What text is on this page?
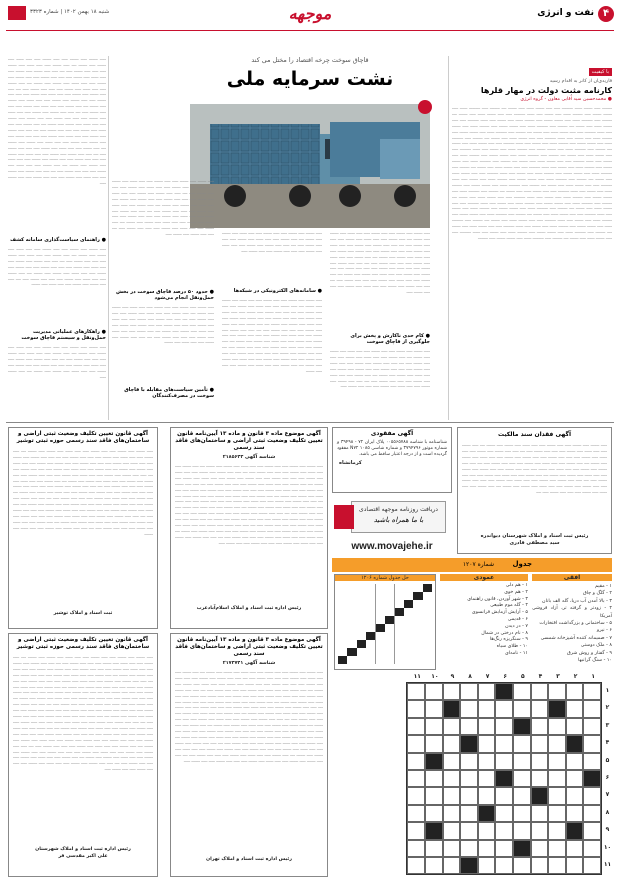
۴
نفت و انرژی
موجهه
شنبه ۱۸ بهمن ۱۴۰۲ | شماره ۳۳۲۳
با کیفیت
فاریدی‌ان از کانر به اقدام رسید
کارنامه مثبت دولت در مهار قلرها
● محمدحسین سید آقایی معاون - گروه انرژی
ــــــــ ـــــ ـــــــ ــــــ ـــــــــ ـــــ ـــــ ـــــــ ــــــ ـــــ ـــــــ ــــ ــــــــ ـــــ ـــــــــ ــــــ ـــــ ـــــــ ـــــــ ـــــ ــــــــ ــــــ ـــــ ـــــــ ـــــ ــــــ ـــــــــ ـــــ ـــــ ـــــــ ــــــ ـــــ ـــــــ ــــ ــــــــ ـــــ ـــــــــ ــــــ ـــــ ـــــــ ـــــــ ـــــ ــــــــ ــــــ ـــــ ـــــــ ـــــ ــــــ ـــــــــ ـــــ ـــــ ـــــــ ــــــ ـــــ ـــــــ ــــ ــــــــ ـــــ ـــــــــ ــــــ ـــــ ـــــــ ـــــــ ـــــ ــــــــ ــــــ ـــــ ـــــــ ـــــ ــــــ ـــــــــ ـــــ ـــــ ـــــــ ــــــ ـــــ ـــــــ ــــ ــــــــ ـــــ ـــــــــ ــــــ ـــــ ـــــــ ـــــــ ـــــ ــــــــ ــــــ ـــــ ـــــــ ـــــ ــــــ ـــــــــ ـــــ ـــــ ـــــــ ــــــ ـــــ ـــــــ ــــ ــــــــ ـــــ ـــــــــ ــــــ ـــــ ـــــــ ـــــــ ـــــ ــــــــ ــــــ ـــــ ـــــــ ـــــ ــــــ ـــــــــ ـــــ ـــــ ـــــــ ــــــ ـــــ ـــــــ ــــ ــــــــ ـــــ ـــــــــ ــــــ ـــــ ـــــــ ـــــــ ـــــ ــــــــ ــــــ ـــــ ـــــــ ـــــ ــــــ ـــــــــ ـــــ ـــــ ـــــــ ــــــ ـــــ ـــــــ ــــ ــــــــ ـــــ ـــــــــ ــــــ ـــــ ـــــــ ـــــــ ـــــ ــــــــ ــــــ ـــــ ـــــــ ـــــ ــــــ ـــــــــ ـــــ ـــــ ـــــــ ــــــ ـــــ ـــــــ ــــ ــــــــ ـــــ ـــــــــ ــــــ ـــــ ـــــــ ـــــــ ـــــ ــــــــ ــــــ ـــــ ـــــــ ـــــ ــــــ ـــــــــ ـــــ ـــــ ـــــــ ــــــ ـــــ ـــــــ ــــ ــــــــ ـــــ ـــــــــ ــــــ ـــــ ـــــــ ـــــــ ـــــ ــــــــ ــــــ ـــــ ـــــــ ـــــ ــــــ ـــــــــ ـــــ ـــــ ـــــــ ــــــ ـــــ ـــــــ ــــ ــــــــ ـــــ ـــــــــ ــــــ ـــــ ـــــــ ـــــــ ـــــ ــــــــ ــــــ ـــــ ـــــــ ـــــ ــــــ ـــــــــ ـــــ ـــــ ـــــــ ــــــ ـــــ ـــــــ ــــ ــــــــ ـــــ ـــــــــ ــــــ ـــــ ـــــــ ـــــــ ـــــ ــــــــ ــــــ ـــــ ـــــــ ـــــ ــــــ ـــــــــ ـــــ ـــــ ـــــــ ــــــ ـــــ ـــــــ ــــ ــــــــ ـــــ ـــــــــ ــــــ ـــــ ـــــــ ـــــــ ـــــ ــــــــ ــــــ ـــــ ـــــــ ـــــ ــــــ ـــــــــ ـــــ ـــــ ـــــــ ــــــ ـــــ ـــــــ ــــ ــــــــ ـــــ ـــــــــ ــــــ ـــــ ـــــــ ـــــــ ـــــ ــــــــ ــــــ ـــــ ـــــــ ـــــ ــــــ ـــــــــ ـــــ ـــــ ـــــــ ــــــ ـــــ ـــــــ ــــ ــــــــ ـــــ ـــــــــ ــــــ ـــــ ـــــــ ـــــــ ـــــ ــــــــ ــــــ ـــــ ـــــــ ـــــ ــــــ ـــــــــ ـــــ ـــــ ـــــــ ــــــ ـــــ ـــــــ ــــ ــــــــ ـــــ ـــــــــ ــــــ ـــــ ـــــــ ـــــــ ـــــ ــــــــ ــــــ ـــــ ـــــــ ـــــ ــــــ ـــــــــ ـــــ ـــــ ـــــــ ــــــ ـــــ ـــــــ ــــ ــــــــ ـــــ ـــــــــ ــــــ ـــــ ـــــــ ـــــــ ـــــ ــــــــ ــــــ ـــــ ـــــــ ـــــ ــــــ ـــــــــ ـــــ ـــــ ـــــــ ــــــ ـــــ ـــــــ ــــ ــــــــ ـــــ ـــــــــ ــــــ ـــــ ـــــــ ـــــــ ـــــ ــــــــ ــــــ ـــــ ـــــــ ـــــ ــــــ ـــــــــ ـــــ ـــــ ـــــــ ــــــ ـــــ ـــــــ ــــ ــــــــ ـــــ ـــــــــ ــــــ ـــــ ـــــــ ـــــــ ـــــ ــــــــ
قاچاق سوخت چرخه اقتصاد را مختل می کند
نشت سرمایه ملی
ـــــ ـــــــ ـــــ ـــــــ ـــــ ـــــ ـــــــ ـــــ ـــــ ــــــ ـــــ ـــــــ ـــــ ـــــــ ــــ ـــــ ـــــــ ـــــ ـــــ ــــــ ـــــ ـــــــ ـــــ ـــــ ـــــ ـــــــ ـــــ ــــ ـــــ ـــــ ـــــــ ـــــ ـــــــ ـــــ ـــــ ــــــ ـــــ ـــــــ ـــــ ـــــ ـــــ ـــــــ ـــــ ـــــ ـــــــ ـــــ ـــــــ ـــــ ـــــ ــــــ ـــــ ـــــــ ـــــ ـــــــ ــــ ـــــ ـــــــ ـــــ ـــــ ــــــ ـــــ ـــــــ ـــــ ـــــ ـــــ ـــــــ ـــــ ــــ ـــــ ـــــ ـــــــ ـــــ ـــــــ ـــــ ـــــ ــــــ ـــــ ـــــــ ـــــ ـــــ ـــــ ـــــــ ـــــ ـــــ ـــــــ ـــــ ـــــــ ـــــ ـــــ ــــــ ـــــ ـــــــ ـــــ ـــــــ ــــ ـــــ ـــــــ ـــــ ـــــ ــــــ ـــــ ـــــــ ـــــ ـــــ ـــــ ـــــــ ـــــ ــــ ـــــ ـــــ ـــــــ ـــــ ـــــــ ـــــ ـــــ ــــــ ـــــ ـــــــ ـــــ ـــــ ـــــ ـــــــ ـــــ
● کام حدی ناکارش و پخش برای جلوگیری از قاچاق سوخت
ـــــ ـــــــ ـــــ ـــــــ ـــــ ـــــ ـــــــ ـــــ ـــــ ــــــ ـــــ ـــــــ ـــــ ـــــــ ــــ ـــــ ـــــــ ـــــ ـــــ ــــــ ـــــ ـــــــ ـــــ ـــــ ـــــ ـــــــ ـــــ ــــ ـــــ ـــــ ـــــــ ـــــ ـــــــ ـــــ ـــــ ــــــ ـــــ ـــــــ ـــــ ـــــ ـــــ ـــــــ ـــــ ـــــ ـــــــ ـــــ ـــــــ ـــــ ـــــ ــــــ ـــــ ـــــــ ـــــ ـــــــ ــــ ـــــ ـــــــ ـــــ ـــــ ــــــ ـــــ ـــــــ ـــــ ـــــ ـــــ ـــــــ ـــــ ــــ ـــــ ـــــ ـــــــ ـــــ ـــــــ ـــــ ـــــ ــــــ ـــــ ـــــــ ـــــ ـــــ ـــــ ـــــــ ـــــ
ـــــ ـــــــ ـــــ ـــــــ ـــــ ـــــ ـــــــ ـــــ ـــــ ــــــ ـــــ ـــــــ ـــــ ـــــــ ــــ ـــــ ـــــــ ـــــ ـــــ ــــــ ـــــ ـــــــ ـــــ ـــــ ـــــ ـــــــ ـــــ ــــ ـــــ ـــــ ـــــــ ـــــ ـــــــ ـــــ ـــــ ــــــ ـــــ ـــــــ ـــــ ـــــ ـــــ ـــــــ ـــــ ـــــ ـــــــ ـــــ
● سامانه‌های الکترونیکی در شبکه‌ها
ـــــ ـــــــ ـــــ ـــــــ ـــــ ـــــ ـــــــ ـــــ ـــــ ــــــ ـــــ ـــــــ ـــــ ـــــــ ــــ ـــــ ـــــــ ـــــ ـــــ ــــــ ـــــ ـــــــ ـــــ ـــــ ـــــ ـــــــ ـــــ ــــ ـــــ ـــــ ـــــــ ـــــ ـــــــ ـــــ ـــــ ــــــ ـــــ ـــــــ ـــــ ـــــ ـــــ ـــــــ ـــــ ـــــ ـــــــ ـــــ ـــــــ ـــــ ـــــ ــــــ ـــــ ـــــــ ـــــ ـــــــ ــــ ـــــ ـــــــ ـــــ ـــــ ــــــ ـــــ ـــــــ ـــــ ـــــ ـــــ ـــــــ ـــــ ــــ ـــــ ـــــ ـــــــ ـــــ ـــــــ ـــــ ـــــ ــــــ ـــــ ـــــــ ـــــ ـــــ ـــــ ـــــــ ـــــ ـــــ ـــــــ ـــــ ـــــــ ـــــ ـــــ ــــــ ـــــ ـــــــ ـــــ ـــــــ ــــ ـــــ ـــــــ ـــــ ـــــ ــــــ ـــــ ـــــــ ـــــ ـــــ ـــــ ـــــــ ـــــ ــــ ـــــ ـــــ ـــــــ ـــــ ـــــــ ـــــ ـــــ ــــــ ـــــ ـــــــ ـــــ ـــــ ـــــ ـــــــ ـــــ ـــــ ـــــــ ـــــ ـــــــ ـــــ ـــــ ــــــ ـــــ ـــــــ ـــــ ـــــــ ــــ ـــــ ـــــــ ـــــ ـــــ ــــــ ـــــ ـــــــ ـــــ ـــــ ـــــ ـــــــ
ـــــ ـــــــ ـــــ ـــــــ ـــــ ـــــ ـــــــ ـــــ ـــــ ــــــ ـــــ ـــــــ ـــــ ـــــــ ــــ ـــــ ـــــــ ـــــ ـــــ ــــــ ـــــ ـــــــ ـــــ ـــــ ـــــ ـــــــ ـــــ ــــ ـــــ ـــــ ـــــــ ـــــ ـــــــ ـــــ ـــــ ــــــ ـــــ ـــــــ ـــــ ـــــ ـــــ ـــــــ ـــــ ـــــ ـــــــ ـــــ ـــــــ ـــــ ـــــ ــــــ ـــــ ـــــــ ـــــ ـــــــ ــــ ـــــ ـــــــ ـــــ ـــــ ــــــ ـــــ ـــــــ ـــــ ـــــ ـــــ ـــــــ ـــــ ــــ ـــــ ـــــ ـــــــ ـــــ ـــــــ ـــــ ـــــ ــــــ ـــــ ـــــــ ـــــ ـــــ ـــــ ـــــــ ـــــ ـــــ ـــــــ ـــــ ـــــــ ـــــ ـــــ ــــــ ـــــ ـــــــ ـــــ ـــــــ ــــ ـــــ ـــــــ ـــــ ـــــ ــــــ ـــــ ـــــــ ـــــ ـــــ ـــــ ـــــــ ـــــ ــــ ـــــ ـــــ ـــــــ ـــــ ـــــــ ـــــ
● حدود ۵۰ درصد قاچاق سوخت در بخش حمل‌ونقل انجام می‌شود
ـــــ ـــــــ ـــــ ـــــــ ـــــ ـــــ ـــــــ ـــــ ـــــ ــــــ ـــــ ـــــــ ـــــ ـــــــ ــــ ـــــ ـــــــ ـــــ ـــــ ــــــ ـــــ ـــــــ ـــــ ـــــ ـــــ ـــــــ ـــــ ــــ ـــــ ـــــ ـــــــ ـــــ ـــــــ ـــــ ـــــ ــــــ ـــــ ـــــــ ـــــ ـــــ ـــــ ـــــــ ـــــ ـــــ ـــــــ ـــــ ـــــــ ـــــ ـــــ ــــــ ـــــ ـــــــ ـــــ ـــــــ ــــ ـــــ ـــــــ ـــــ ـــــ ــــــ ـــــ ـــــــ ـــــ ـــــ ـــــ ـــــــ ـــــ ــــ ـــــ ـــــ ـــــــ ـــــ ـــــــ ـــــ ـــــ ــــــ ـــــ ـــــــ
● تأمین سیاست‌های مقابله با قاچاق سوخت در مصرف‌کنندگان
ـــــ ـــــــ ـــــ ـــــــ ـــــ ـــــ ـــــــ ـــــ ـــــ ــــــ ـــــ ـــــــ ـــــ ـــــــ ــــ ـــــ ـــــــ ـــــ ـــــ ــــــ ـــــ ـــــــ ـــــ ـــــ ـــــ ـــــــ ـــــ ــــ ـــــ ـــــ ـــــــ ـــــ ـــــــ ـــــ ـــــ ــــــ ـــــ ـــــــ ـــــ ـــــ ـــــ ـــــــ ـــــ ـــــ ـــــــ ـــــ ـــــــ ـــــ ـــــ ــــــ ـــــ ـــــــ ـــــ ـــــــ ــــ ـــــ ـــــــ ـــــ ـــــ ــــــ ـــــ ـــــــ ـــــ ـــــ ـــــ ـــــــ ـــــ ــــ ـــــ ـــــ ـــــــ ـــــ ـــــــ ـــــ ـــــ ــــــ ـــــ ـــــــ ـــــ ـــــ ـــــ ـــــــ ـــــ ـــــ ـــــــ ـــــ ـــــــ ـــــ ـــــ ــــــ ـــــ ـــــــ ـــــ ـــــــ ــــ ـــــ ـــــــ ـــــ ـــــ ــــــ ـــــ ـــــــ ـــــ ـــــ ـــــ ـــــــ ـــــ ــــ ـــــ ـــــ ـــــــ ـــــ ـــــــ ـــــ ـــــ ــــــ ـــــ ـــــــ ـــــ ـــــ ـــــ ـــــــ ـــــ ـــــ ـــــــ ـــــ ـــــــ ـــــ ـــــ ــــــ ـــــ ـــــــ ـــــ ـــــــ ــــ ـــــ ـــــــ ـــــ ـــــ ــــــ ـــــ ـــــــ ـــــ ـــــ ـــــ ـــــــ ـــــ ــــ ـــــ ـــــ ـــــــ ـــــ ـــــــ ـــــ ـــــ ــــــ ـــــ ـــــــ ـــــ ـــــ ـــــ ـــــــ ـــــ ـــــ ـــــــ ـــــ ـــــــ ـــــ ـــــ ــــــ ـــــ ـــــــ ـــــ ـــــــ ــــ ـــــ ـــــــ ـــــ ـــــ ــــــ ـــــ ـــــــ ـــــ ـــــ ـــــ ـــــــ ـــــ ــــ ـــــ ـــــ ـــــــ ـــــ ـــــــ ـــــ ـــــ ــــــ ـــــ ـــــــ ـــــ ـــــ ـــــ ـــــــ ـــــ ـــــ ـــــــ ـــــ ـــــــ ـــــ ـــــ ــــــ ـــــ ـــــــ ـــــ ـــــــ ــــ ـــــ ـــــــ ـــــ ـــــ ــــــ ـــــ ـــــــ ـــــ ـــــ ـــــ ـــــــ ـــــ ــــ ـــــ ـــــ ـــــــ ـــــ ـــــــ ـــــ ـــــ ــــــ ـــــ ـــــــ ـــــ ـــــ ـــــ ـــــــ ـــــ ـــــ ـــــــ ـــــ
● راهنمای سیاست‌گذاری سامانه کشف
ـــــ ـــــــ ـــــ ـــــــ ـــــ ـــــ ـــــــ ـــــ ـــــ ــــــ ـــــ ـــــــ ـــــ ـــــــ ــــ ـــــ ـــــــ ـــــ ـــــ ــــــ ـــــ ـــــــ ـــــ ـــــ ـــــ ـــــــ ـــــ ــــ ـــــ ـــــ ـــــــ ـــــ ـــــــ ـــــ ـــــ ــــــ ـــــ ـــــــ ـــــ ـــــ ـــــ ـــــــ ـــــ ـــــ ـــــــ ـــــ ـــــــ ـــــ ـــــ ــــــ ـــــ ـــــــ ـــــ ـــــــ ــــ ـــــ ـــــــ ـــــ ـــــ ــــــ ـــــ ـــــــ ـــــ ـــــ ـــــ ـــــــ ـــــ ــــ ـــــ ـــــ ـــــــ ـــــ ـــــــ ـــــ ـــــ ــــــ ـــــ ـــــــ
● راهکارهای عملیاتی مدیریت حمل‌ونقل و سیستم قاچاق سوخت
ـــــ ـــــــ ـــــ ـــــــ ـــــ ـــــ ـــــــ ـــــ ـــــ ــــــ ـــــ ـــــــ ـــــ ـــــــ ــــ ـــــ ـــــــ ـــــ ـــــ ــــــ ـــــ ـــــــ ـــــ ـــــ ـــــ ـــــــ ـــــ ــــ ـــــ ـــــ ـــــــ ـــــ ـــــــ ـــــ ـــــ ــــــ ـــــ ـــــــ ـــــ ـــــ ـــــ ـــــــ ـــــ ـــــ ـــــــ ـــــ ـــــــ ـــــ ـــــ ــــــ ـــــ ـــــــ ـــــ ـــــــ ــــ ـــــ ـــــــ ـــــ
آگهی فقدان سند مالکیت
ـــــ ـــــــ ـــــ ـــــــ ـــــ ـــــ ـــــــ ـــــ ـــــ ــــــ ـــــ ـــــــ ـــــ ـــــــ ــــ ـــــ ـــــــ ـــــ ـــــ ــــــ ـــــ ـــــــ ـــــ ـــــ ـــــ ـــــــ ـــــ ــــ ـــــ ـــــ ـــــــ ـــــ ـــــــ ـــــ ـــــ ــــــ ـــــ ـــــــ ـــــ ـــــ ـــــ ـــــــ ـــــ ـــــ ـــــــ ـــــ ـــــــ ـــــ ـــــ ــــــ ـــــ ـــــــ ـــــ ـــــــ ــــ ـــــ ـــــــ ـــــ ـــــ ــــــ ـــــ ـــــــ ـــــ ـــــ ـــــ ـــــــ ـــــ ــــ ـــــ ـــــ ـــــــ ـــــ ـــــــ ـــــ ـــــ ــــــ ـــــ ـــــــ ـــــ ـــــ ـــــ ـــــــ ـــــ ـــــ ـــــــ ـــــ ـــــــ ـــــ ـــــ ــــــ ـــــ ـــــــ ـــــ ـــــــ ــــ ـــــ ـــــــ ـــــ ـــــ ــــــ ـــــ ـــــــ ـــــ ـــــ ـــــ ـــــــ ـــــ ــــ ـــــ ـــــ ـــــــ ـــــ ـــــــ ـــــ ـــــ ــــــ ـــــ ـــــــ ـــــ ـــــ ـــــ ـــــــ ـــــ ـــــ ـــــــ ـــــ ـــــــ ـــــ ـــــ ــــــ ـــــ ـــــــ ـــــ ـــــــ ــــ ـــــ ـــــــ ـــــ ـــــ ــــــ ـــــ ـــــــ ـــــ ـــــ ـــــ ـــــــ ـــــ ــــ
رئیس ثبت اسناد و املاک شهرستان دیواندره
سید مصطفی قادری
آگهی مفقودی
شناسنامه با شناسه ۰۰۵۵۶۵۷۸۸ پلاک ایران ۷۲ - ۳۹۴۹۸ و شماره موتور ۳۷۹۴۷۹۶ و شماره شاسی ۱۰۸۵ N۷۲ مفقود گردیده است و از درجه اعتبار ساقط می باشد.
کرمانشاه
دریافت روزنامه موجهه اقتصادی
با ما همراه باشید
www.movajehe.ir
آگهی موضوع ماده ۳ قانون و ماده ۱۳ آیین‌نامه قانون تعیین تکلیف وضعیت ثبتی اراضی و ساختمان‌های فاقد سند رسمی
شناسه آگهی ۲۱۸۵۶۴۳
ـــــ ـــــــ ـــــ ـــــــ ـــــ ـــــ ـــــــ ـــــ ـــــ ــــــ ـــــ ـــــــ ـــــ ـــــــ ــــ ـــــ ـــــــ ـــــ ـــــ ــــــ ـــــ ـــــــ ـــــ ـــــ ـــــ ـــــــ ـــــ ــــ ـــــ ـــــ ـــــــ ـــــ ـــــــ ـــــ ـــــ ــــــ ـــــ ـــــــ ـــــ ـــــ ـــــ ـــــــ ـــــ ـــــ ـــــــ ـــــ ـــــــ ـــــ ـــــ ــــــ ـــــ ـــــــ ـــــ ـــــــ ــــ ـــــ ـــــــ ـــــ ـــــ ــــــ ـــــ ـــــــ ـــــ ـــــ ـــــ ـــــــ ـــــ ــــ ـــــ ـــــ ـــــــ ـــــ ـــــــ ـــــ ـــــ ــــــ ـــــ ـــــــ ـــــ ـــــ ـــــ ـــــــ ـــــ ـــــ ـــــــ ـــــ ـــــــ ـــــ ـــــ ــــــ ـــــ ـــــــ ـــــ ـــــــ ــــ ـــــ ـــــــ ـــــ ـــــ ــــــ ـــــ ـــــــ ـــــ ـــــ ـــــ ـــــــ ـــــ ــــ ـــــ ـــــ ـــــــ ـــــ ـــــــ ـــــ ـــــ ــــــ ـــــ ـــــــ ـــــ ـــــ ـــــ ـــــــ ـــــ ـــــ ـــــــ ـــــ ـــــــ ـــــ ـــــ ــــــ ـــــ ـــــــ ـــــ ـــــــ ــــ ـــــ ـــــــ ـــــ ـــــ ــــــ ـــــ ـــــــ ـــــ ـــــ ـــــ ـــــــ ـــــ ــــ ـــــ ـــــ ـــــــ ـــــ ـــــــ ـــــ ـــــ ــــــ ـــــ ـــــــ ـــــ ـــــ ـــــ ـــــــ ـــــ ـــــ ـــــــ ـــــ ـــــــ ـــــ ـــــ ــــــ ـــــ ـــــــ ـــــ ـــــــ ــــ ـــــ ـــــــ ـــــ ـــــ ــــــ ـــــ ـــــــ ـــــ ـــــ ـــــ ـــــــ ـــــ ــــ ـــــ ـــــ ـــــــ ـــــ ـــــــ ـــــ ـــــ ــــــ ـــــ ـــــــ ـــــ ـــــ ـــــ ـــــــ ـــــ ـــــ ـــــــ ـــــ ـــــــ ـــــ ـــــ ــــــ ـــــ ـــــــ ـــــ ـــــــ ــــ ـــــ ـــــــ ـــــ ـــــ ــــــ ـــــ ـــــــ ـــــ ـــــ ـــــ ـــــــ ـــــ ــــ ـــــ ـــــ ـــــــ ـــــ ـــــــ ـــــ ـــــ ــــــ ـــــ ـــــــ ـــــ ـــــ ـــــ ـــــــ ـــــ ـــــ ـــــــ ـــــ
رئیس اداره ثبت اسناد و املاک اسلام‌آبادغرب
آگهی قانون تعیین تکلیف وضعیت ثبتی اراضی و ساختمان‌های فاقد سند رسمی حوزه ثبتی توشیر
ـــــ ـــــــ ـــــ ـــــــ ـــــ ـــــ ـــــــ ـــــ ـــــ ــــــ ـــــ ـــــــ ـــــ ـــــــ ــــ ـــــ ـــــــ ـــــ ـــــ ــــــ ـــــ ـــــــ ـــــ ـــــ ـــــ ـــــــ ـــــ ــــ ـــــ ـــــ ـــــــ ـــــ ـــــــ ـــــ ـــــ ــــــ ـــــ ـــــــ ـــــ ـــــ ـــــ ـــــــ ـــــ ـــــ ـــــــ ـــــ ـــــــ ـــــ ـــــ ــــــ ـــــ ـــــــ ـــــ ـــــــ ــــ ـــــ ـــــــ ـــــ ـــــ ــــــ ـــــ ـــــــ ـــــ ـــــ ـــــ ـــــــ ـــــ ــــ ـــــ ـــــ ـــــــ ـــــ ـــــــ ـــــ ـــــ ــــــ ـــــ ـــــــ ـــــ ـــــ ـــــ ـــــــ ـــــ ـــــ ـــــــ ـــــ ـــــــ ـــــ ـــــ ــــــ ـــــ ـــــــ ـــــ ـــــــ ــــ ـــــ ـــــــ ـــــ ـــــ ــــــ ـــــ ـــــــ ـــــ ـــــ ـــــ ـــــــ ـــــ ــــ ـــــ ـــــ ـــــــ ـــــ ـــــــ ـــــ ـــــ ــــــ ـــــ ـــــــ ـــــ ـــــ ـــــ ـــــــ ـــــ ـــــ ـــــــ ـــــ ـــــــ ـــــ ـــــ ــــــ ـــــ ـــــــ ـــــ ـــــــ ــــ ـــــ ـــــــ ـــــ ـــــ ــــــ ـــــ ـــــــ ـــــ ـــــ ـــــ ـــــــ ـــــ ــــ ـــــ ـــــ ـــــــ ـــــ ـــــــ ـــــ ـــــ ــــــ ـــــ ـــــــ ـــــ ـــــ ـــــ ـــــــ ـــــ ـــــ ـــــــ ـــــ ـــــــ ـــــ ـــــ ــــــ ـــــ ـــــــ ـــــ ـــــــ ــــ ـــــ ـــــــ ـــــ ـــــ ــــــ ـــــ ـــــــ ـــــ ـــــ ـــــ ـــــــ ـــــ ــــ ـــــ ـــــ ـــــــ ـــــ ـــــــ ـــــ ـــــ ــــــ ـــــ ـــــــ ـــــ ـــــ ـــــ ـــــــ ـــــ ـــــ ـــــــ ـــــ ـــــــ ـــــ ـــــ ــــــ ـــــ ـــــــ ـــــ ـــــــ ــــ ـــــ ـــــــ ـــــ ـــــ ــــــ ـــــ ـــــــ ـــــ ـــــ ـــــ ـــــــ ـــــ ــــ ـــــ ـــــ ـــــــ ـــــ ـــــــ ـــــ ـــــ ــــــ ـــــ ـــــــ
ثبت اسناد و املاک توشیر
جدول
شماره ۱۲۰۷
افقی
۱ - مقیم
۲ - گلگ و چاق
۳ - بالا آمدن آب دریا، گله الف بانان
۴ - زودتر و گرفته تر، آزاد فروشی آمریکا
۵ - ساختمانی و بزرگداشت افتخارات
۶ - نیرو
۷ - صمیمانه کننده آشپزخانه شمسی
۸ - ملک دوستی
۹ - گفتار و روش شرق
۱۰ - سنگ گرانبها
عمودی
۱ - هم دلی
۲ - هم خوی
۳ - شهر آوردن، قانون راهنمای
۴ - گله موم طبیعی
۵ - آرایش آزمایش فرانسوی
۶ - قدیمی
۷ - در دیدن
۸ - نام درختی در شمال
۹ - سنگریزه رنگ‌ها
۱۰ - طلای سیاه
۱۱ - نامه‌ای
حل جدول شماره ۱۲۰۶
۱
۲
۳
۴
۵
۶
۷
۸
۹
۱۰
۱۱
۱
۲
۳
۴
۵
۶
۷
۸
۹
۱۰
۱۱
آگهی موضوع ماده ۳ قانون و ماده ۱۳ آیین‌نامه قانون تعیین تکلیف وضعیت ثبتی اراضی و ساختمان‌های فاقد سند رسمی
شناسه آگهی ۲۱۷۴۷۴۱
ـــــ ـــــــ ـــــ ـــــــ ـــــ ـــــ ـــــــ ـــــ ـــــ ــــــ ـــــ ـــــــ ـــــ ـــــــ ــــ ـــــ ـــــــ ـــــ ـــــ ــــــ ـــــ ـــــــ ـــــ ـــــ ـــــ ـــــــ ـــــ ــــ ـــــ ـــــ ـــــــ ـــــ ـــــــ ـــــ ـــــ ــــــ ـــــ ـــــــ ـــــ ـــــ ـــــ ـــــــ ـــــ ـــــ ـــــــ ـــــ ـــــــ ـــــ ـــــ ــــــ ـــــ ـــــــ ـــــ ـــــــ ــــ ـــــ ـــــــ ـــــ ـــــ ــــــ ـــــ ـــــــ ـــــ ـــــ ـــــ ـــــــ ـــــ ــــ ـــــ ـــــ ـــــــ ـــــ ـــــــ ـــــ ـــــ ــــــ ـــــ ـــــــ ـــــ ـــــ ـــــ ـــــــ ـــــ ـــــ ـــــــ ـــــ ـــــــ ـــــ ـــــ ــــــ ـــــ ـــــــ ـــــ ـــــــ ــــ ـــــ ـــــــ ـــــ ـــــ ــــــ ـــــ ـــــــ ـــــ ـــــ ـــــ ـــــــ ـــــ ــــ ـــــ ـــــ ـــــــ ـــــ ـــــــ ـــــ ـــــ ــــــ ـــــ ـــــــ ـــــ ـــــ ـــــ ـــــــ ـــــ ـــــ ـــــــ ـــــ ـــــــ ـــــ ـــــ ــــــ ـــــ ـــــــ ـــــ ـــــــ ــــ ـــــ ـــــــ ـــــ ـــــ ــــــ ـــــ ـــــــ ـــــ ـــــ ـــــ ـــــــ ـــــ ــــ ـــــ ـــــ ـــــــ ـــــ ـــــــ ـــــ ـــــ ــــــ ـــــ ـــــــ ـــــ ـــــ ـــــ ـــــــ ـــــ ـــــ ـــــــ ـــــ ـــــــ ـــــ ـــــ ــــــ ـــــ ـــــــ ـــــ ـــــــ ــــ ـــــ ـــــــ ـــــ ـــــ ــــــ ـــــ ـــــــ ـــــ ـــــ ـــــ ـــــــ ـــــ ــــ ـــــ ـــــ ـــــــ ـــــ ـــــــ ـــــ ـــــ ــــــ ـــــ ـــــــ ـــــ ـــــ ـــــ ـــــــ ـــــ ـــــ ـــــــ ـــــ ـــــــ ـــــ ـــــ ــــــ ـــــ ـــــــ ـــــ ـــــــ ــــ ـــــ ـــــــ ـــــ ـــــ ــــــ ـــــ ـــــــ ـــــ ـــــ ـــــ ـــــــ ـــــ ــــ ـــــ ـــــ ـــــــ ـــــ ـــــــ ـــــ ـــــ ــــــ ـــــ ـــــــ ـــــ ـــــ ـــــ ـــــــ ـــــ ـــــ ـــــــ ـــــ ـــــــ ـــــ ـــــ ــــــ ـــــ ـــــــ ـــــ ـــــــ ــــ ـــــ ـــــــ ـــــ ـــــ ــــــ ـــــ ـــــــ ـــــ ـــــ ـــــ ـــــــ ـــــ ــــ ـــــ ـــــ ـــــــ ـــــ ـــــــ ـــــ ـــــ ــــــ ـــــ ـــــــ ـــــ ـــــ ـــــ ـــــــ ـــــ ـــــ ـــــــ ـــــ
رئیس اداره ثبت اسناد و املاک تهران
آگهی قانون تعیین تکلیف وضعیت ثبتی اراضی و ساختمان‌های فاقد سند رسمی حوزه ثبتی توشیر
ـــــ ـــــــ ـــــ ـــــــ ـــــ ـــــ ـــــــ ـــــ ـــــ ــــــ ـــــ ـــــــ ـــــ ـــــــ ــــ ـــــ ـــــــ ـــــ ـــــ ــــــ ـــــ ـــــــ ـــــ ـــــ ـــــ ـــــــ ـــــ ــــ ـــــ ـــــ ـــــــ ـــــ ـــــــ ـــــ ـــــ ــــــ ـــــ ـــــــ ـــــ ـــــ ـــــ ـــــــ ـــــ ـــــ ـــــــ ـــــ ـــــــ ـــــ ـــــ ــــــ ـــــ ـــــــ ـــــ ـــــــ ــــ ـــــ ـــــــ ـــــ ـــــ ــــــ ـــــ ـــــــ ـــــ ـــــ ـــــ ـــــــ ـــــ ــــ ـــــ ـــــ ـــــــ ـــــ ـــــــ ـــــ ـــــ ــــــ ـــــ ـــــــ ـــــ ـــــ ـــــ ـــــــ ـــــ ـــــ ـــــــ ـــــ ـــــــ ـــــ ـــــ ــــــ ـــــ ـــــــ ـــــ ـــــــ ــــ ـــــ ـــــــ ـــــ ـــــ ــــــ ـــــ ـــــــ ـــــ ـــــ ـــــ ـــــــ ـــــ ــــ ـــــ ـــــ ـــــــ ـــــ ـــــــ ـــــ ـــــ ــــــ ـــــ ـــــــ ـــــ ـــــ ـــــ ـــــــ ـــــ ـــــ ـــــــ ـــــ ـــــــ ـــــ ـــــ ــــــ ـــــ ـــــــ ـــــ ـــــــ ــــ ـــــ ـــــــ ـــــ ـــــ ــــــ ـــــ ـــــــ ـــــ ـــــ ـــــ ـــــــ ـــــ ــــ ـــــ ـــــ ـــــــ ـــــ ـــــــ ـــــ ـــــ ــــــ ـــــ ـــــــ ـــــ ـــــ ـــــ ـــــــ ـــــ ـــــ ـــــــ ـــــ ـــــــ ـــــ ـــــ ــــــ ـــــ ـــــــ ـــــ ـــــــ ــــ ـــــ ـــــــ ـــــ ـــــ ــــــ ـــــ ـــــــ ـــــ ـــــ ـــــ ـــــــ ـــــ ــــ ـــــ ـــــ ـــــــ ـــــ ـــــــ ـــــ ـــــ ــــــ ـــــ ـــــــ ـــــ ـــــ ـــــ ـــــــ ـــــ ـــــ ـــــــ ـــــ ـــــــ ـــــ ـــــ ــــــ ـــــ ـــــــ ـــــ ـــــــ ــــ ـــــ ـــــــ ـــــ ـــــ ــــــ ـــــ ـــــــ ـــــ ـــــ ـــــ ـــــــ ـــــ ــــ ـــــ ـــــ ـــــــ ـــــ ـــــــ ـــــ ـــــ ــــــ ـــــ ـــــــ ـــــ ـــــ ـــــ ـــــــ ـــــ ـــــ ـــــــ ـــــ ـــــــ ـــــ ـــــ ــــــ ـــــ ـــــــ ـــــ ـــــــ ــــ ـــــ ـــــــ ـــــ ـــــ ــــــ ـــــ ـــــــ ـــــ ـــــ ـــــ ـــــــ ـــــ ــــ ـــــ ـــــ ـــــــ ـــــ ـــــــ ـــــ ـــــ ــــــ ـــــ ـــــــ ـــــ ـــــ ـــــ ـــــــ ـــــ ـــــ ـــــــ ـــــ ـــــــ ـــــ ـــــ ــــــ ـــــ ـــــــ ـــــ ـــــــ ــــ ـــــ ـــــــ ـــــ ـــــ ــــــ ـــــ ـــــــ ـــــ ـــــ ـــــ ـــــــ ـــــ ــــ ـــــ ـــــ ـــــــ ـــــ ـــــــ ـــــ ـــــ ــــــ ـــــ ـــــــ ـــــ ـــــ ـــــ ـــــــ ـــــ ـــــ ـــــــ ـــــ
رئیس اداره ثبت اسناد و املاک شهرستان
علی اکبر مقدسی فر
